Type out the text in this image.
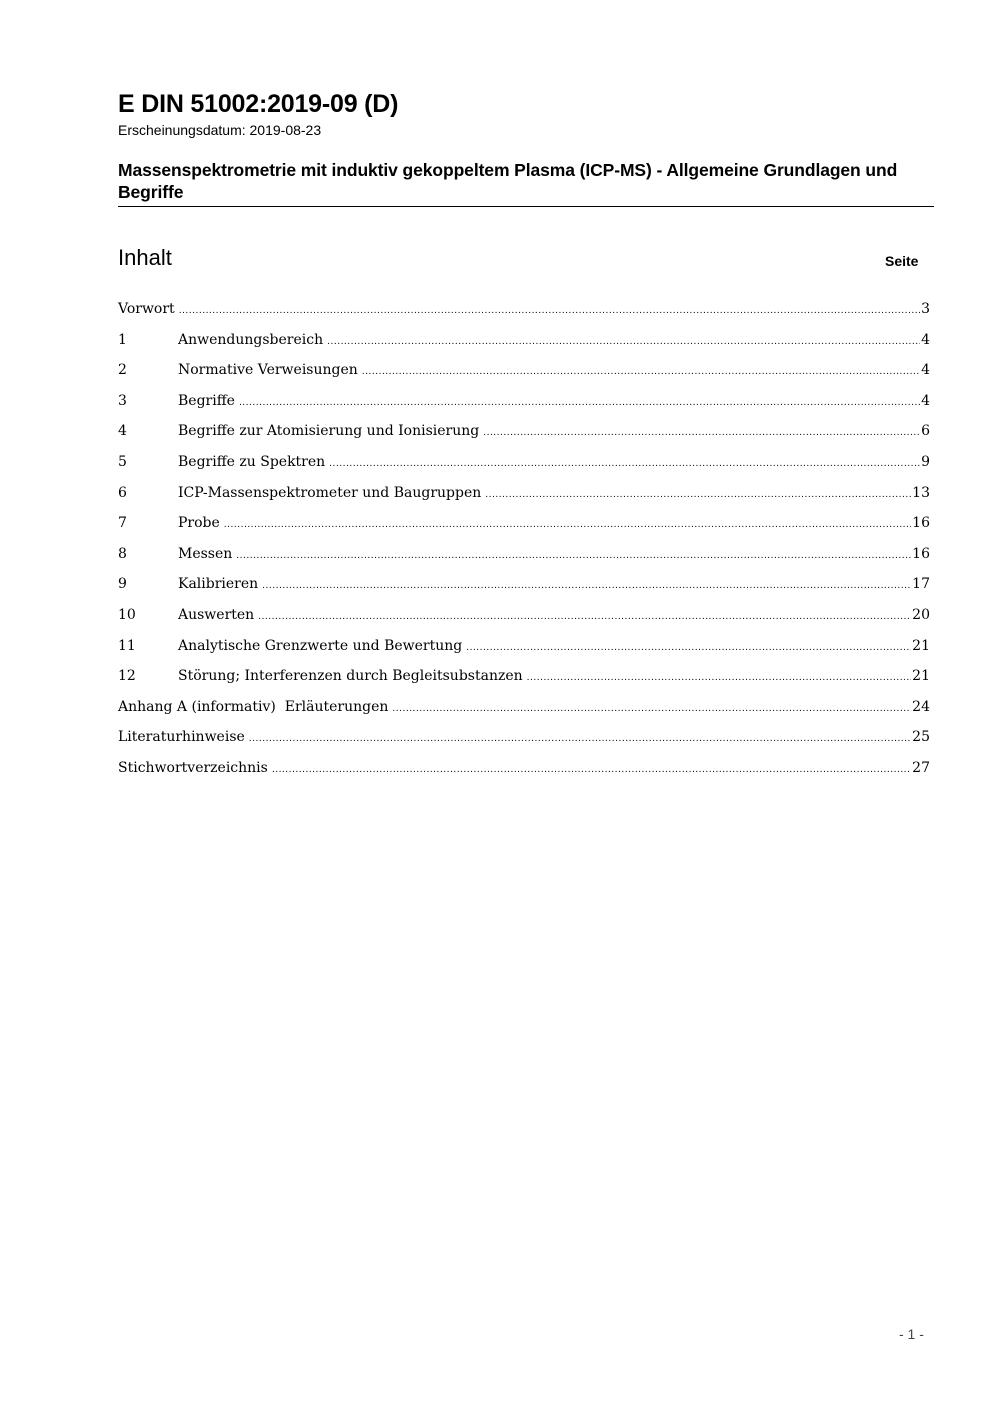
E DIN 51002:2019-09 (D)
Erscheinungsdatum: 2019-08-23
Massenspektrometrie mit induktiv gekoppeltem Plasma (ICP-MS) - Allgemeine Grundlagen und Begriffe
Inhalt	Seite
Vorwort .....	3
1	Anwendungsbereich .....	4
2	Normative Verweisungen .....	4
3	Begriffe .....	4
4	Begriffe zur Atomisierung und Ionisierung .....	6
5	Begriffe zu Spektren .....	9
6	ICP-Massenspektrometer und Baugruppen .....	13
7	Probe .....	16
8	Messen .....	16
9	Kalibrieren .....	17
10	Auswerten .....	20
11	Analytische Grenzwerte und Bewertung .....	21
12	Störung; Interferenzen durch Begleitsubstanzen .....	21
Anhang A (informativ)  Erläuterungen .....	24
Literaturhinweise .....	25
Stichwortverzeichnis .....	27
- 1 -
